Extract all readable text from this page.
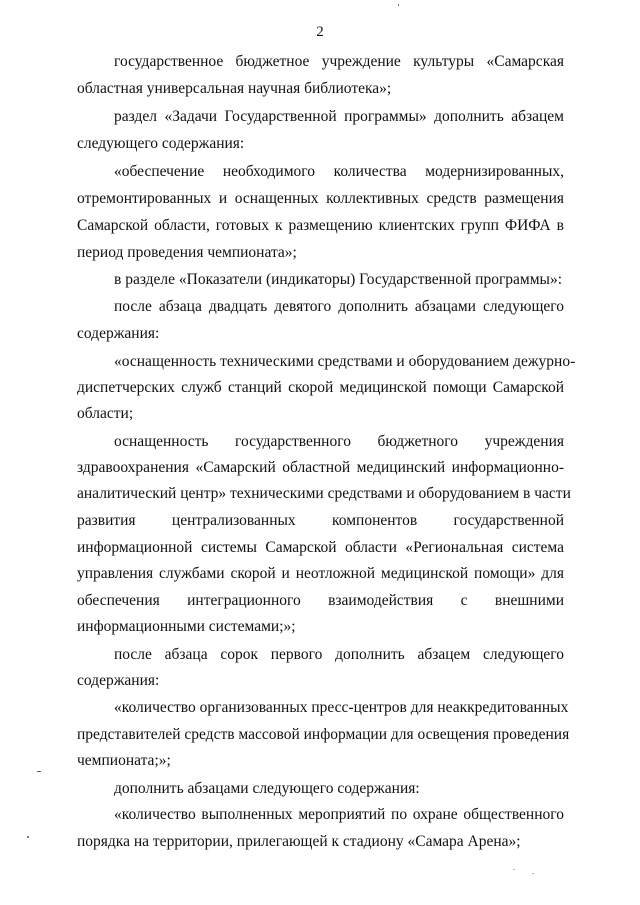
2
государственное бюджетное учреждение культуры «Самарская
областная универсальная научная библиотека»;
раздел «Задачи Государственной программы» дополнить абзацем
следующего содержания:
«обеспечение необходимого количества модернизированных,
отремонтированных и оснащенных коллективных средств размещения
Самарской области, готовых к размещению клиентских групп ФИФА в
период проведения чемпионата»;
в разделе «Показатели (индикаторы) Государственной программы»:
после абзаца двадцать девятого дополнить абзацами следующего
содержания:
«оснащенность техническими средствами и оборудованием дежурно-
диспетчерских служб станций скорой медицинской помощи Самарской
области;
оснащенность государственного бюджетного учреждения
здравоохранения «Самарский областной медицинский информационно-
аналитический центр» техническими средствами и оборудованием в части
развития централизованных компонентов государственной
информационной системы Самарской области «Региональная система
управления службами скорой и неотложной медицинской помощи» для
обеспечения интеграционного взаимодействия с внешними
информационными системами;»;
после абзаца сорок первого дополнить абзацем следующего
содержания:
«количество организованных пресс-центров для неаккредитованных
представителей средств массовой информации для освещения проведения
чемпионата;»;
дополнить абзацами следующего содержания:
«количество выполненных мероприятий по охране общественного
порядка на территории, прилегающей к стадиону «Самара Арена»;
